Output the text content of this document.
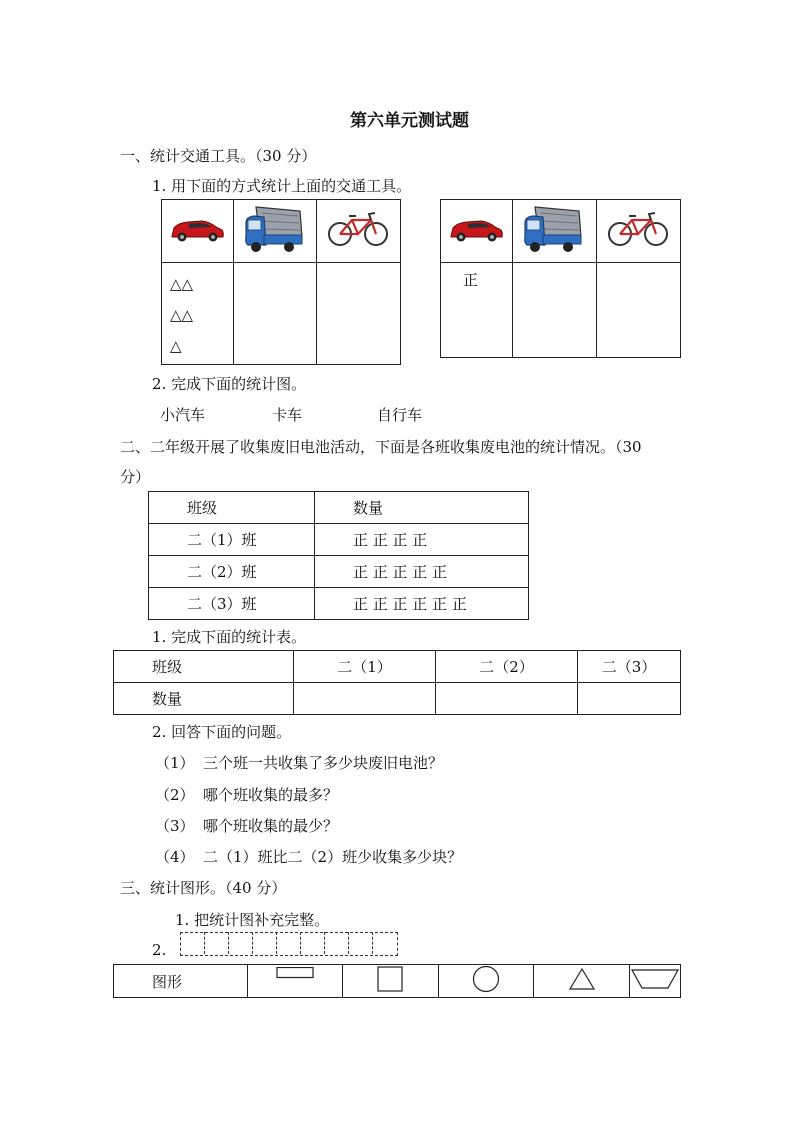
第六单元测试题
一、统计交通工具。（30 分）
1. 用下面的方式统计上面的交通工具。

△△
△△
△		

正		

2. 完成下面的统计图。
小汽车	卡车	自行车
二、二年级开展了收集废旧电池活动，下面是各班收集废电池的统计情况。（30
分）
班级	数量
二（1）班	正 正 正 正
二（2）班	正 正 正 正 正
二（3）班	正 正 正 正 正 正
1. 完成下面的统计表。
班级	二（1）	二（2）	二（3）
数量			
2. 回答下面的问题。
（1） 三个班一共收集了多少块废旧电池？
（2） 哪个班收集的最多？
（3） 哪个班收集的最少？
（4） 二（1）班比二（2）班少收集多少块？
三、统计图形。（40 分）
1. 把统计图补充完整。
2.
图形					
